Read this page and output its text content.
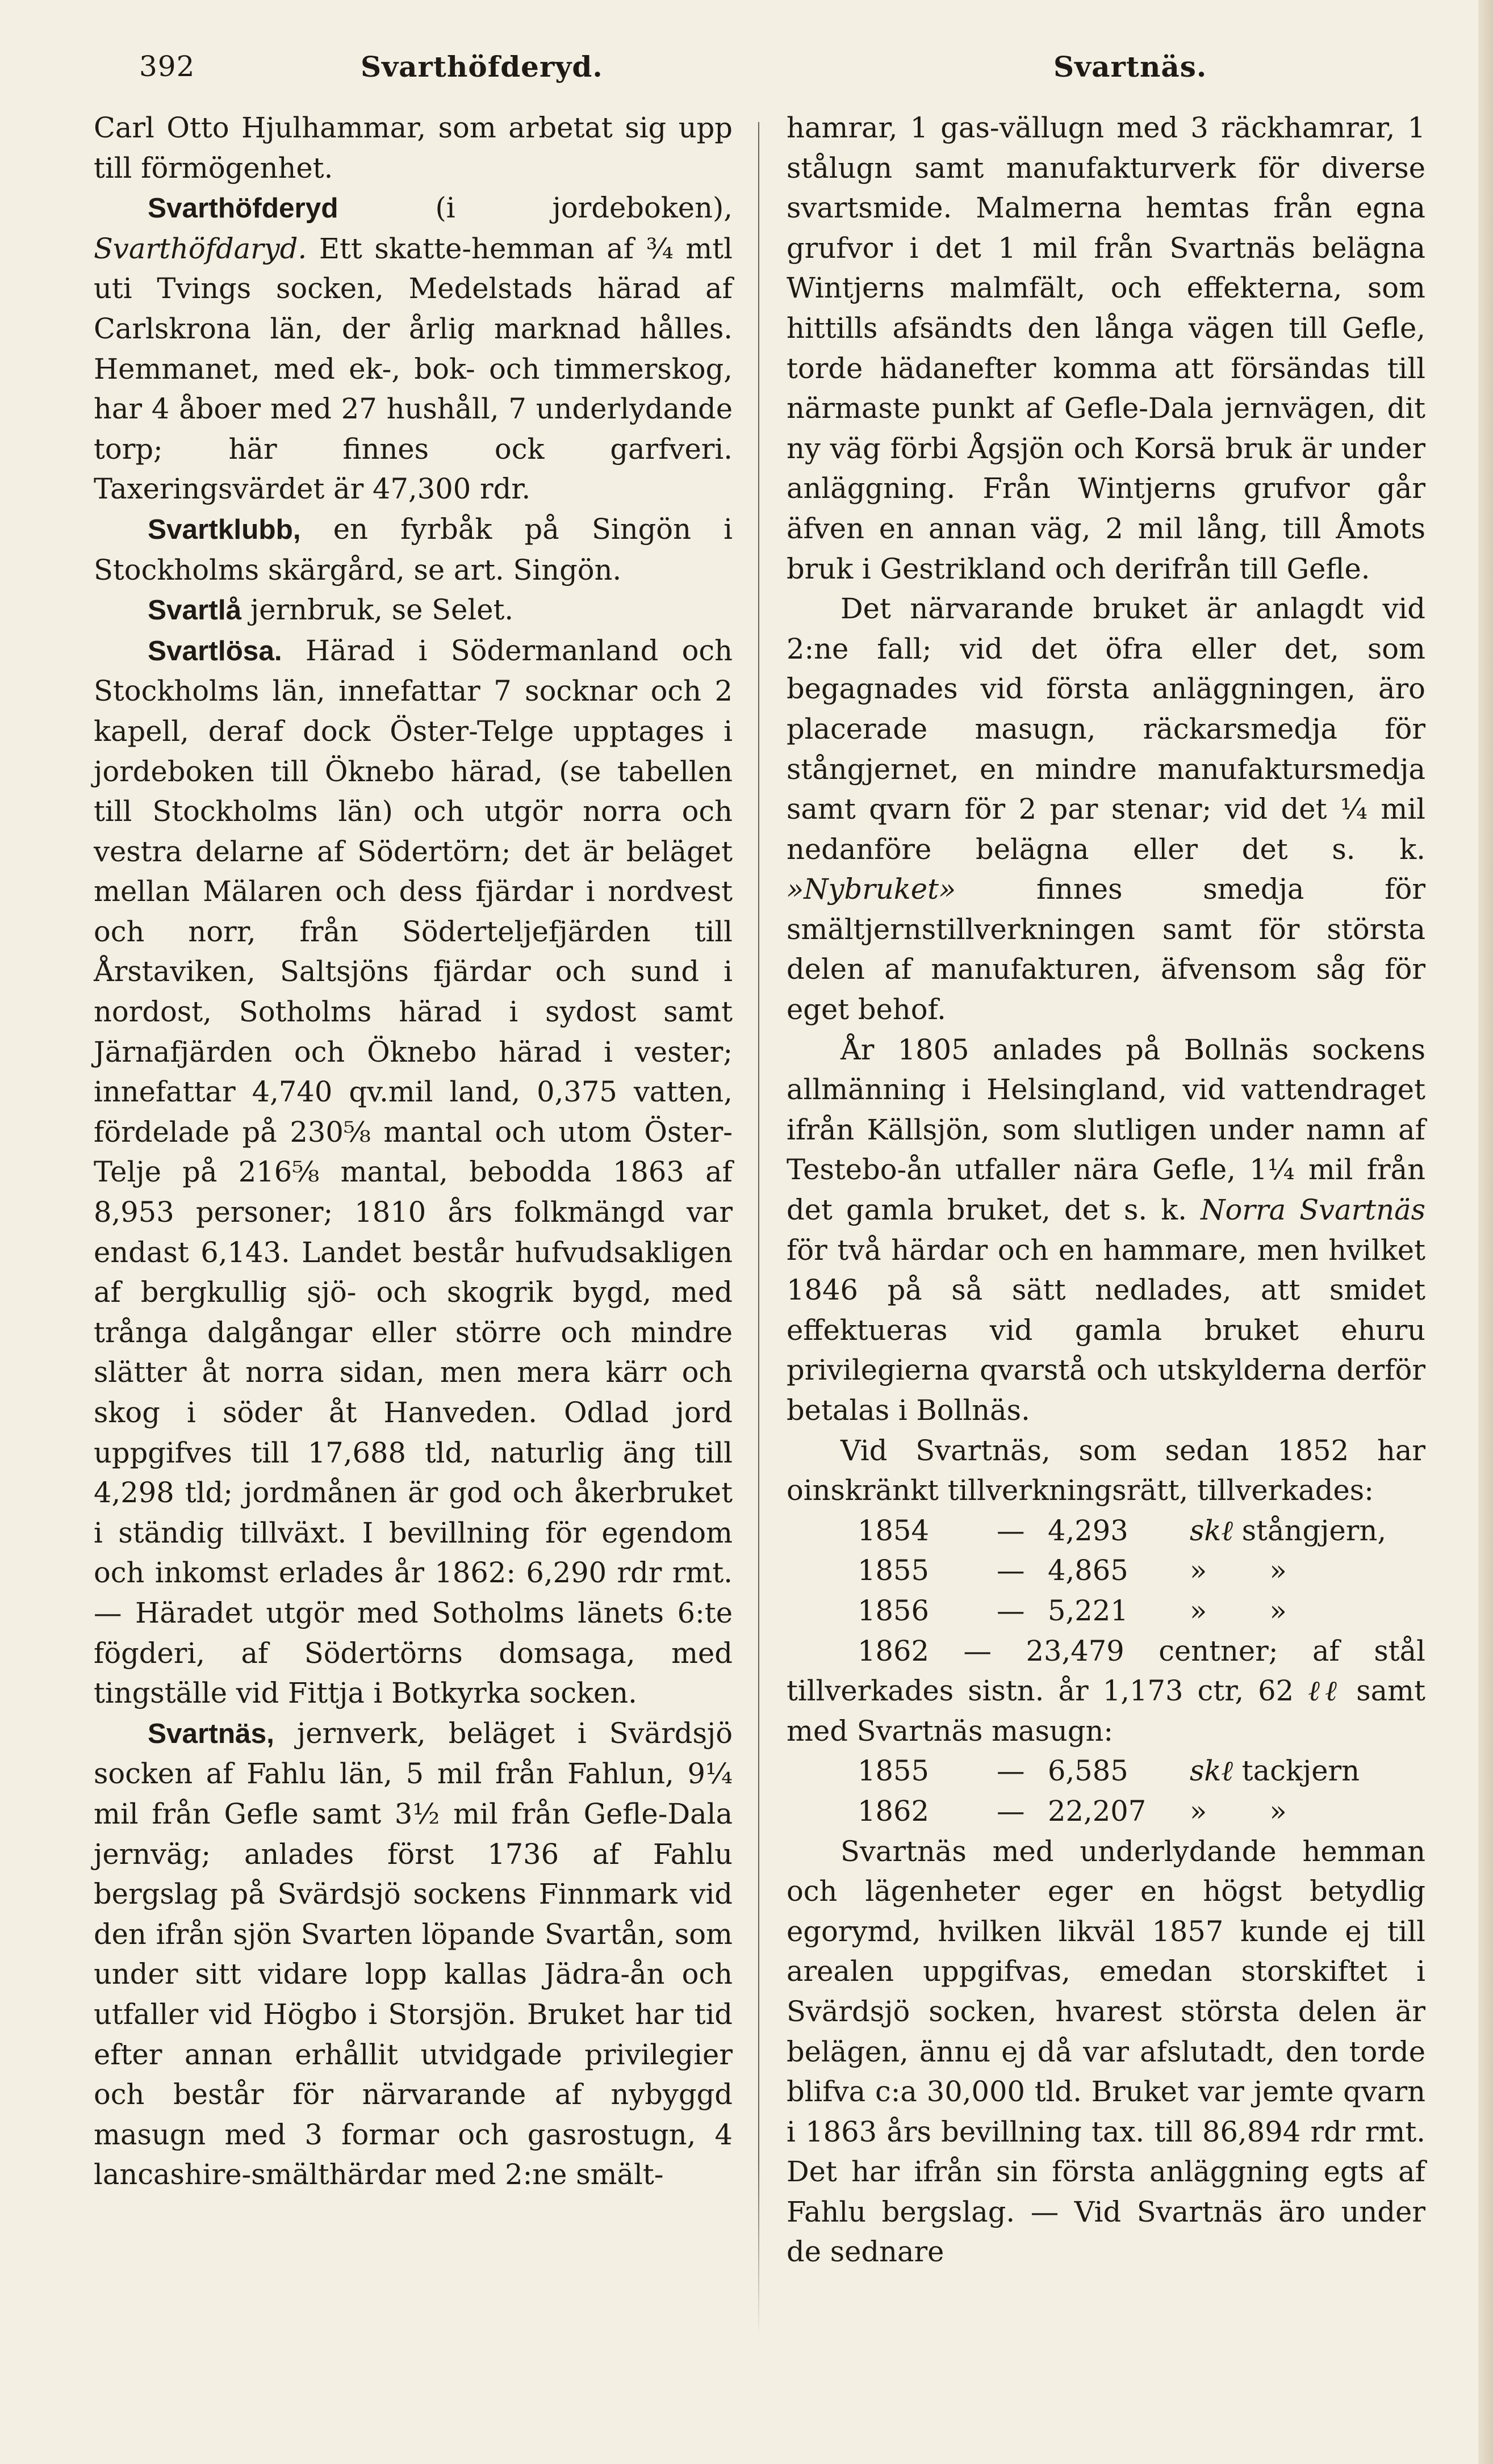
392	Svarthöfderyd.	Svartnäs.

Carl Otto Hjulhammar, som arbetat sig upp till förmögenhet.

Svarthöfderyd (i jordeboken), Svarthöfdaryd. Ett skatte-hemman af ¾ mtl uti Tvings socken, Medelstads härad af Carlskrona län, der årlig marknad hålles. Hemmanet, med ek-, bok- och timmerskog, har 4 åboer med 27 hushåll, 7 underlydande torp; här finnes ock garfveri. Taxeringsvärdet är 47,300 rdr.

Svartklubb, en fyrbåk på Singön i Stockholms skärgård, se art. Singön.

Svartlå jernbruk, se Selet.

Svartlösa. Härad i Södermanland och Stockholms län, innefattar 7 socknar och 2 kapell, deraf dock Öster-Telge upptages i jordeboken till Öknebo härad, (se tabellen till Stockholms län) och utgör norra och vestra delarne af Södertörn; det är beläget mellan Mälaren och dess fjärdar i nordvest och norr, från Söderteljefjärden till Årstaviken, Saltsjöns fjärdar och sund i nordost, Sotholms härad i sydost samt Järnafjärden och Öknebo härad i vester; innefattar 4,740 qv.mil land, 0,375 vatten, fördelade på 230⅝ mantal och utom Öster-Telje på 216⅝ mantal, bebodda 1863 af 8,953 personer; 1810 års folkmängd var endast 6,143. Landet består hufvudsakligen af bergkullig sjö- och skogrik bygd, med trånga dalgångar eller större och mindre slätter åt norra sidan, men mera kärr och skog i söder åt Hanveden. Odlad jord uppgifves till 17,688 tld, naturlig äng till 4,298 tld; jordmånen är god och åkerbruket i ständig tillväxt. I bevillning för egendom och inkomst erlades år 1862: 6,290 rdr rmt. — Häradet utgör med Sotholms länets 6:te fögderi, af Södertörns domsaga, med tingställe vid Fittja i Botkyrka socken.

Svartnäs, jernverk, beläget i Svärdsjö socken af Fahlu län, 5 mil från Fahlun, 9¼ mil från Gefle samt 3½ mil från Gefle-Dala jernväg; anlades först 1736 af Fahlu bergslag på Svärdsjö sockens Finnmark vid den ifrån sjön Svarten löpande Svartån, som under sitt vidare lopp kallas Jädra-ån och utfaller vid Högbo i Storsjön. Bruket har tid efter annan erhållit utvidgade privilegier och består för närvarande af nybyggd masugn med 3 formar och gasrostugn, 4 lancashire-smälthärdar med 2:ne smält-

hamrar, 1 gas-vällugn med 3 räckhamrar, 1 stålugn samt manufakturverk för diverse svartsmide. Malmerna hemtas från egna grufvor i det 1 mil från Svartnäs belägna Wintjerns malmfält, och effekterna, som hittills afsändts den långa vägen till Gefle, torde hädanefter komma att försändas till närmaste punkt af Gefle-Dala jernvägen, dit ny väg förbi Ågsjön och Korsä bruk är under anläggning. Från Wintjerns grufvor går äfven en annan väg, 2 mil lång, till Åmots bruk i Gestrikland och derifrån till Gefle.

Det närvarande bruket är anlagdt vid 2:ne fall; vid det öfra eller det, som begagnades vid första anläggningen, äro placerade masugn, räckarsmedja för stångjernet, en mindre manufaktursmedja samt qvarn för 2 par stenar; vid det ¼ mil nedanföre belägna eller det s. k. »Nybruket» finnes smedja för smältjernstillverkningen samt för största delen af manufakturen, äfvensom såg för eget behof.

År 1805 anlades på Bollnäs sockens allmänning i Helsingland, vid vattendraget ifrån Källsjön, som slutligen under namn af Testebo-ån utfaller nära Gefle, 1¼ mil från det gamla bruket, det s. k. Norra Svartnäs för två härdar och en hammare, men hvilket 1846 på så sätt nedlades, att smidet effektueras vid gamla bruket ehuru privilegierna qvarstå och utskylderna derför betalas i Bollnäs.

Vid Svartnäs, som sedan 1852 har oinskränkt tillverkningsrätt, tillverkades:

1854	— 4,293	skℓ stångjern,
1855	— 4,865	» »
1856	— 5,221	» »

1862 — 23,479 centner; af stål tillverkades sistn. år 1,173 ctr, 62 ℓℓ samt med Svartnäs masugn:

1855	— 6,585	skℓ tackjern
1862	— 22,207	» »

Svartnäs med underlydande hemman och lägenheter eger en högst betydlig egorymd, hvilken likväl 1857 kunde ej till arealen uppgifvas, emedan storskiftet i Svärdsjö socken, hvarest största delen är belägen, ännu ej då var afslutadt, den torde blifva c:a 30,000 tld. Bruket var jemte qvarn i 1863 års bevillning tax. till 86,894 rdr rmt. Det har ifrån sin första anläggning egts af Fahlu bergslag. — Vid Svartnäs äro under de sednare
